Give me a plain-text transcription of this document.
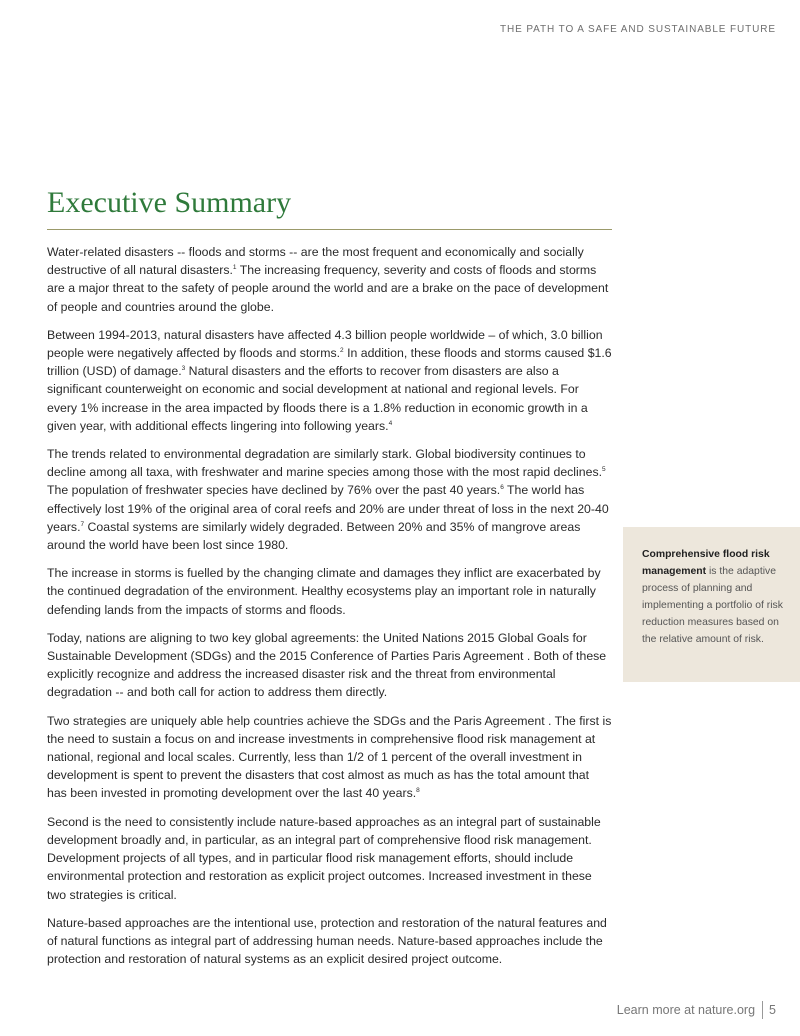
THE PATH TO A SAFE AND SUSTAINABLE FUTURE
Executive Summary

Water-related disasters -- floods and storms -- are the most frequent and economically and socially destructive of all natural disasters.$^1$ The increasing frequency, severity and costs of floods and storms are a major threat to the safety of people around the world and are a brake on the pace of development of people and countries around the globe.

Between 1994-2013, natural disasters have affected 4.3 billion people worldwide – of which, 3.0 billion people were negatively affected by floods and storms.$^2$ In addition, these floods and storms caused $1.6 trillion (USD) of damage.$^3$ Natural disasters and the efforts to recover from disasters are also a significant counterweight on economic and social development at national and regional levels. For every 1% increase in the area impacted by floods there is a 1.8% reduction in economic growth in a given year, with additional effects lingering into following years.$^4$

The trends related to environmental degradation are similarly stark. Global biodiversity continues to decline among all taxa, with freshwater and marine species among those with the most rapid declines.$^5$ The population of freshwater species have declined by 76% over the past 40 years.$^6$ The world has effectively lost 19% of the original area of coral reefs and 20% are under threat of loss in the next 20-40 years.$^7$ Coastal systems are similarly widely degraded. Between 20% and 35% of mangrove areas around the world have been lost since 1980.

The increase in storms is fuelled by the changing climate and damages they inflict are exacerbated by the continued degradation of the environment. Healthy ecosystems play an important role in naturally defending lands from the impacts of storms and floods.

Today, nations are aligning to two key global agreements: the United Nations 2015 Global Goals for Sustainable Development (SDGs) and the 2015 Conference of Parties Paris Agreement . Both of these explicitly recognize and address the increased disaster risk and the threat from environmental degradation -- and both call for action to address them directly.

Two strategies are uniquely able help countries achieve the SDGs and the Paris Agreement . The first is the need to sustain a focus on and increase investments in comprehensive flood risk management at national, regional and local scales. Currently, less than 1/2 of 1 percent of the overall investment in development is spent to prevent the disasters that cost almost as much as has the total amount that has been invested in promoting development over the last 40 years.$^8$

Second is the need to consistently include nature-based approaches as an integral part of sustainable development broadly and, in particular, as an integral part of comprehensive flood risk management. Development projects of all types, and in particular flood risk management efforts, should include environmental protection and restoration as explicit project outcomes. Increased investment in these two strategies is critical.

Nature-based approaches are the intentional use, protection and restoration of the natural features and of natural functions as integral part of addressing human needs. Nature-based approaches include the protection and restoration of natural systems as an explicit desired project outcome.

Comprehensive flood risk management is the adaptive process of planning and implementing a portfolio of risk reduction measures based on the relative amount of risk.
Learn more at nature.org 5
